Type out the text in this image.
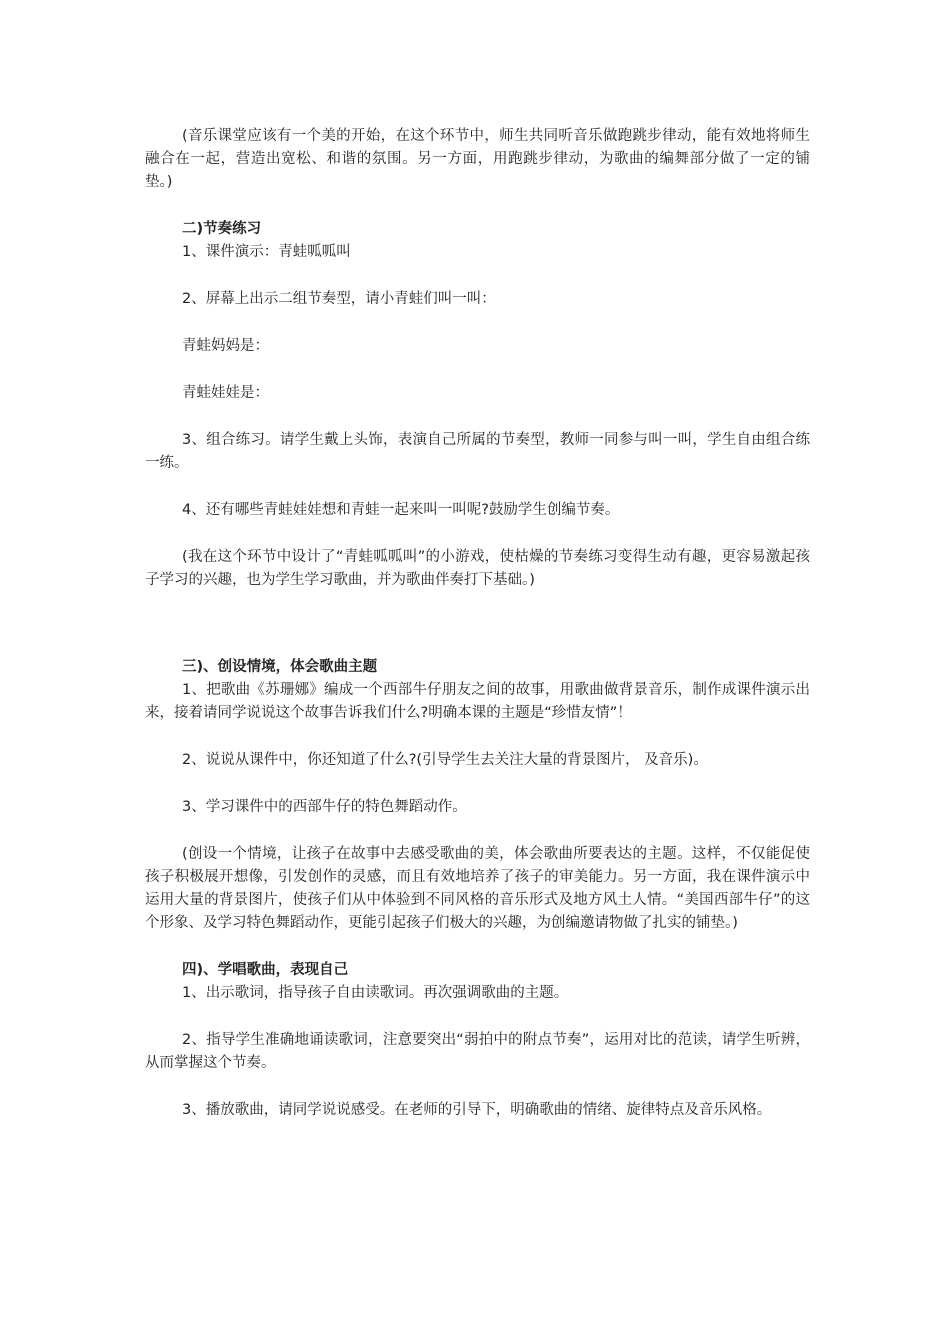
(音乐课堂应该有一个美的开始，在这个环节中，师生共同听音乐做跑跳步律动，能有效地将师生融合在一起，营造出宽松、和谐的氛围。另一方面，用跑跳步律动，为歌曲的编舞部分做了一定的铺垫。)

二)节奏练习

1、课件演示：青蛙呱呱叫

2、屏幕上出示二组节奏型，请小青蛙们叫一叫：

青蛙妈妈是：

青蛙娃娃是：

3、组合练习。请学生戴上头饰，表演自己所属的节奏型，教师一同参与叫一叫，学生自由组合练一练。

4、还有哪些青蛙娃娃想和青蛙一起来叫一叫呢?鼓励学生创编节奏。

(我在这个环节中设计了“青蛙呱呱叫”的小游戏，使枯燥的节奏练习变得生动有趣，更容易激起孩子学习的兴趣，也为学生学习歌曲，并为歌曲伴奏打下基础。)

三)、创设情境，体会歌曲主题

1、把歌曲《苏珊娜》编成一个西部牛仔朋友之间的故事，用歌曲做背景音乐，制作成课件演示出来，接着请同学说说这个故事告诉我们什么?明确本课的主题是“珍惜友情”！

2、说说从课件中，你还知道了什么?(引导学生去关注大量的背景图片， 及音乐)。

3、学习课件中的西部牛仔的特色舞蹈动作。

(创设一个情境，让孩子在故事中去感受歌曲的美，体会歌曲所要表达的主题。这样，不仅能促使孩子积极展开想像，引发创作的灵感，而且有效地培养了孩子的审美能力。另一方面，我在课件演示中运用大量的背景图片，使孩子们从中体验到不同风格的音乐形式及地方风土人情。“美国西部牛仔”的这个形象、及学习特色舞蹈动作，更能引起孩子们极大的兴趣，为创编邀请物做了扎实的铺垫。)

四)、学唱歌曲，表现自己

1、出示歌词，指导孩子自由读歌词。再次强调歌曲的主题。

2、指导学生准确地诵读歌词，注意要突出“弱拍中的附点节奏”，运用对比的范读，请学生听辨，从而掌握这个节奏。

3、播放歌曲，请同学说说感受。在老师的引导下，明确歌曲的情绪、旋律特点及音乐风格。
